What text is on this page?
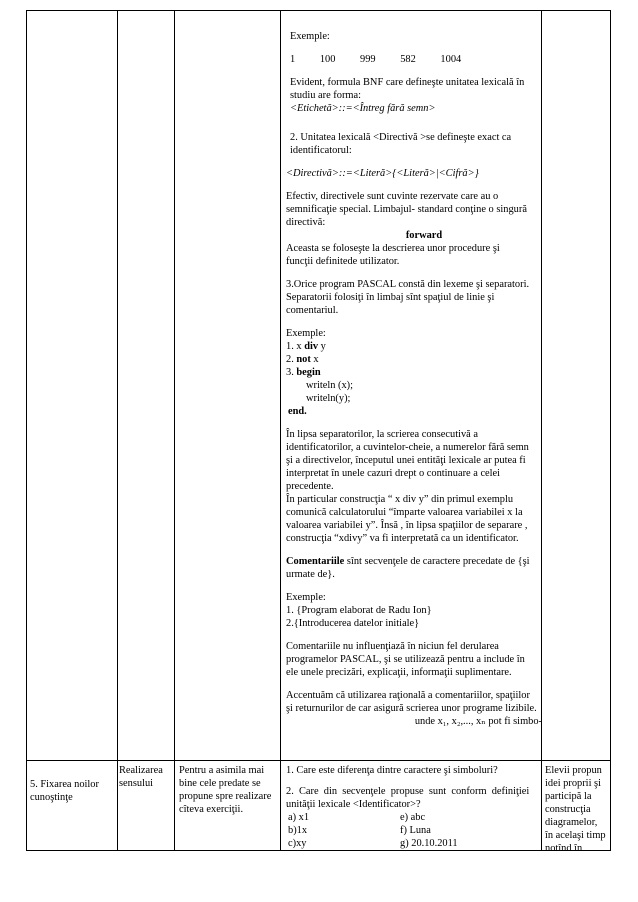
Exemple:

1 100 999 582 1004

Evident, formula BNF care defineşte unitatea lexicală în

studiu are forma:

<Etichetă>::=<Întreg fără semn>

2. Unitatea lexicală <Directivă >se defineşte exact ca

identificatorul:

<Directivă>::=<Literă>{<Literă>|<Cifră>}

Efectiv, directivele sunt cuvinte rezervate care au o

semnificaţie special. Limbajul- standard conţine o singură

directivă:

forward

Aceasta se foloseşte la descrierea unor procedure şi

funcţii definitede utilizator.

3.Orice program PASCAL constă din lexeme şi separatori.

Separatorii folosiţi în limbaj sînt spaţiul de linie şi

comentariul.

Exemple:

1. x div y

2. not x

3. begin

writeln (x);

writeln(y);

end.

În lipsa separatorilor, la scrierea consecutivă a

identificatorilor, a cuvintelor-cheie, a numerelor fără semn

şi a directivelor, începutul unei entităţi lexicale ar putea fi

interpretat în unele cazuri drept o continuare a celei

precedente.

În particular construcţia “ x div y” din primul exemplu

comunică calculatorului “împarte valoarea variabilei x la

valoarea variabilei y”. Însă , în lipsa spaţiilor de separare ,

construcţia “xdivy” va fi interpretată ca un identificator.

Comentariile sînt secvenţele de caractere precedate de {şi

urmate de}.

Exemple:

1. {Program elaborat de Radu Ion}

2.{Introducerea datelor initiale}

Comentariile nu influenţiază în niciun fel derularea

programelor PASCAL, şi se utilizează pentru a include în

ele unele precizări, explicaţii, informaţii suplimentare.

Accentuăm că utilizarea raţională a comentariilor, spaţiilor

şi returnurilor de car asigură scrierea unor programe lizibile.

unde x₁, x₂,..., xₙ pot fi simbo-

5. Fixarea noilor
cunoştinţe
Realizarea
sensului
Pentru a asimila mai
bine cele predate se
propune spre realizare
cîteva exerciţii.
1. Care este diferenţa dintre caractere şi simboluri?
2.  Care  din  secvenţele  propuse  sunt  conform  definiţiei
unităţii lexicale <Identificator>?
a) x1
b)1x
c)xy
e) abc
f) Luna
g) 20.10.2011
Elevii propun
idei proprii şi
participă la
construcţia
diagramelor,
în acelaşi timp
notînd în
